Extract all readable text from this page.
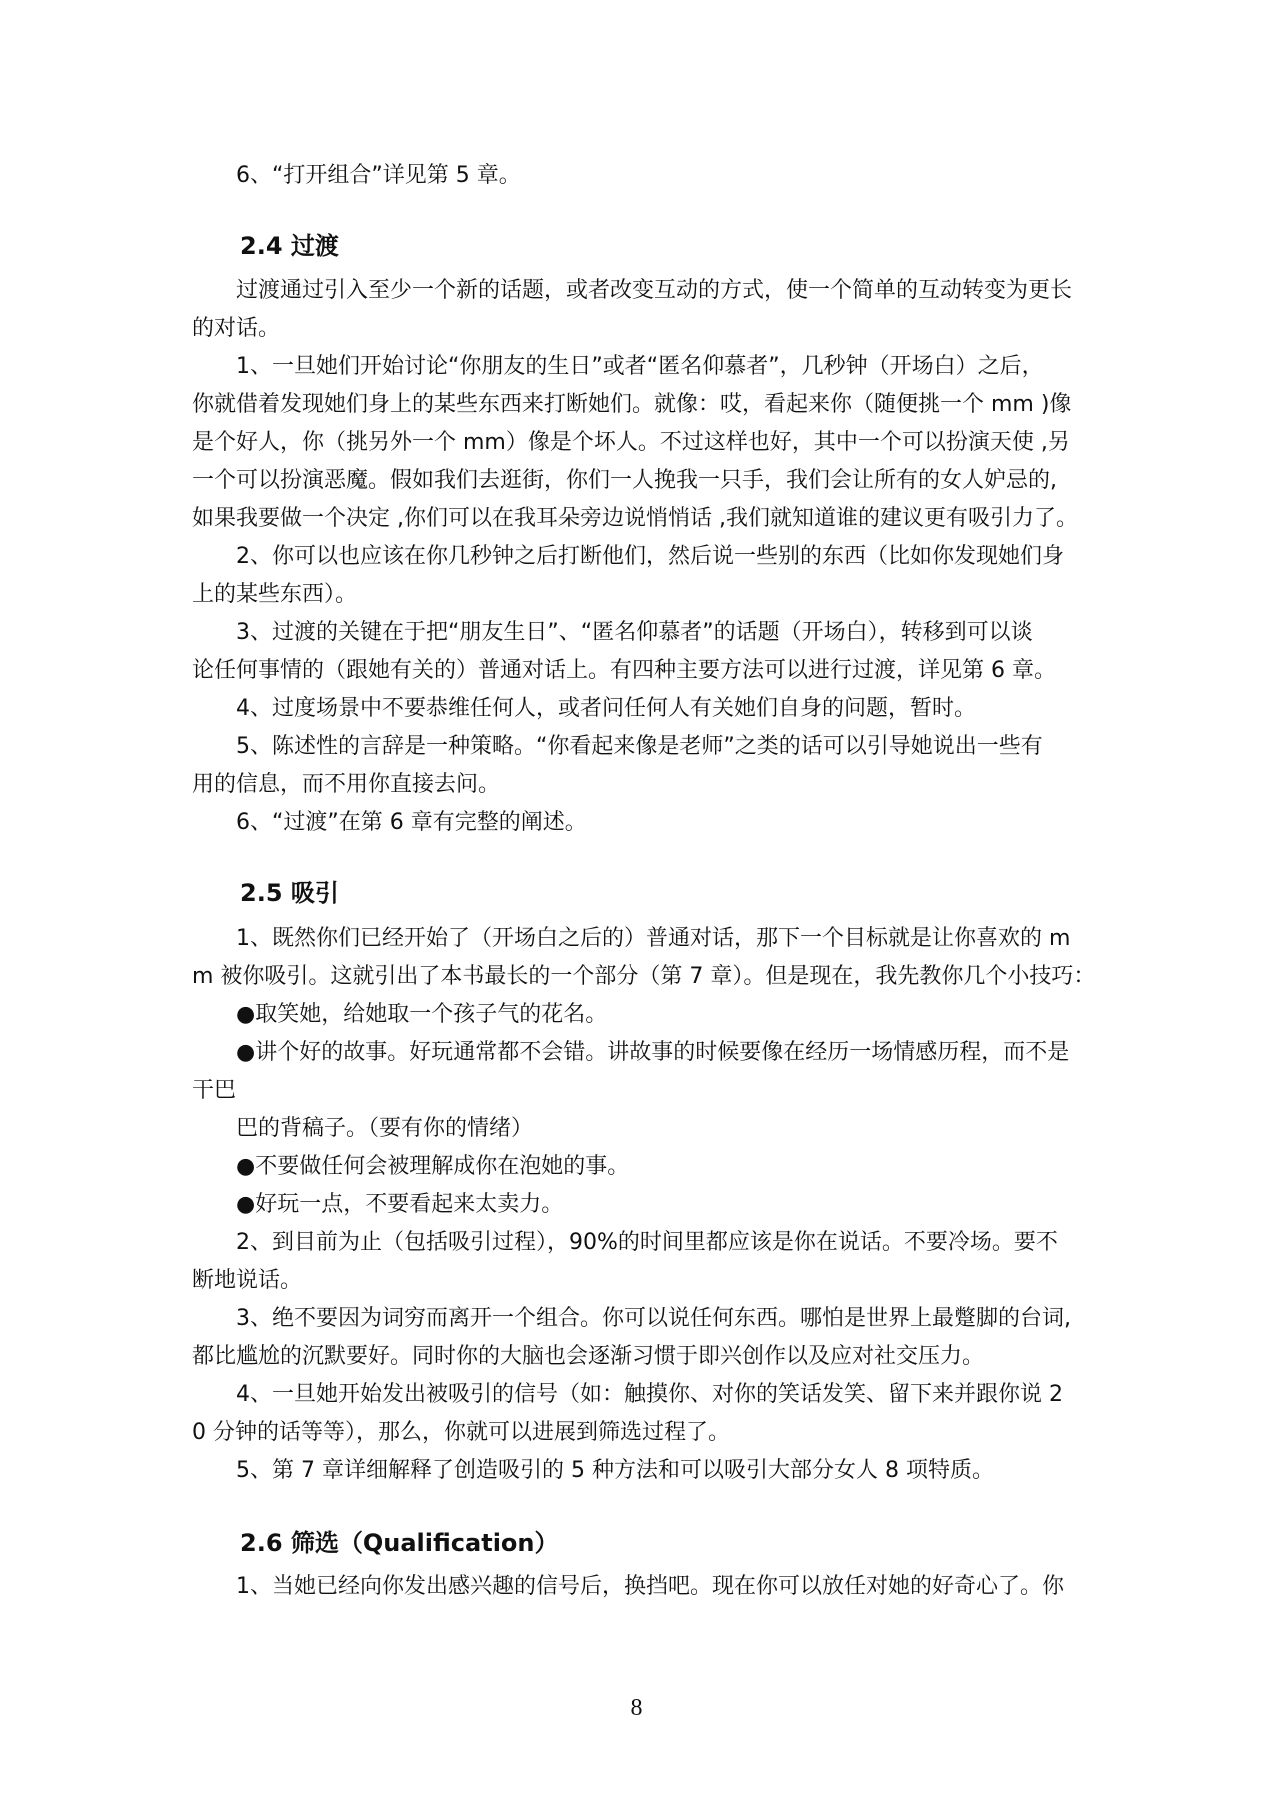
　　6、“打开组合”详见第 5 章。

2.4 过渡

　　过渡通过引入至少一个新的话题，或者改变互动的方式，使一个简单的互动转变为更长

的对话。

　　1、一旦她们开始讨论“你朋友的生日”或者“匿名仰慕者”，几秒钟（开场白）之后，

你就借着发现她们身上的某些东西来打断她们。就像：哎，看起来你（随便挑一个 mm )像

是个好人，你（挑另外一个 mm）像是个坏人。不过这样也好，其中一个可以扮演天使 ,另

一个可以扮演恶魔。假如我们去逛街，你们一人挽我一只手，我们会让所有的女人妒忌的,

如果我要做一个决定 ,你们可以在我耳朵旁边说悄悄话 ,我们就知道谁的建议更有吸引力了。

　　2、你可以也应该在你几秒钟之后打断他们，然后说一些别的东西（比如你发现她们身

上的某些东西）。

　　3、过渡的关键在于把“朋友生日”、“匿名仰慕者”的话题（开场白），转移到可以谈

论任何事情的（跟她有关的）普通对话上。有四种主要方法可以进行过渡，详见第 6 章。

　　4、过度场景中不要恭维任何人，或者问任何人有关她们自身的问题，暂时。

　　5、陈述性的言辞是一种策略。“你看起来像是老师”之类的话可以引导她说出一些有

用的信息，而不用你直接去问。

　　6、“过渡”在第 6 章有完整的阐述。

2.5 吸引

　　1、既然你们已经开始了（开场白之后的）普通对话，那下一个目标就是让你喜欢的 m

m 被你吸引。这就引出了本书最长的一个部分（第 7 章）。但是现在，我先教你几个小技巧：

　　●取笑她，给她取一个孩子气的花名。

　　●讲个好的故事。好玩通常都不会错。讲故事的时候要像在经历一场情感历程，而不是

干巴

　　巴的背稿子。（要有你的情绪）

　　●不要做任何会被理解成你在泡她的事。

　　●好玩一点，不要看起来太卖力。

　　2、到目前为止（包括吸引过程），90%的时间里都应该是你在说话。不要冷场。要不

断地说话。

　　3、绝不要因为词穷而离开一个组合。你可以说任何东西。哪怕是世界上最蹩脚的台词,

都比尴尬的沉默要好。同时你的大脑也会逐渐习惯于即兴创作以及应对社交压力。

　　4、一旦她开始发出被吸引的信号（如：触摸你、对你的笑话发笑、留下来并跟你说 2

0 分钟的话等等），那么，你就可以进展到筛选过程了。

　　5、第 7 章详细解释了创造吸引的 5 种方法和可以吸引大部分女人 8 项特质。

2.6 筛选（Qualification）

　　1、当她已经向你发出感兴趣的信号后，换挡吧。现在你可以放任对她的好奇心了。你

8
